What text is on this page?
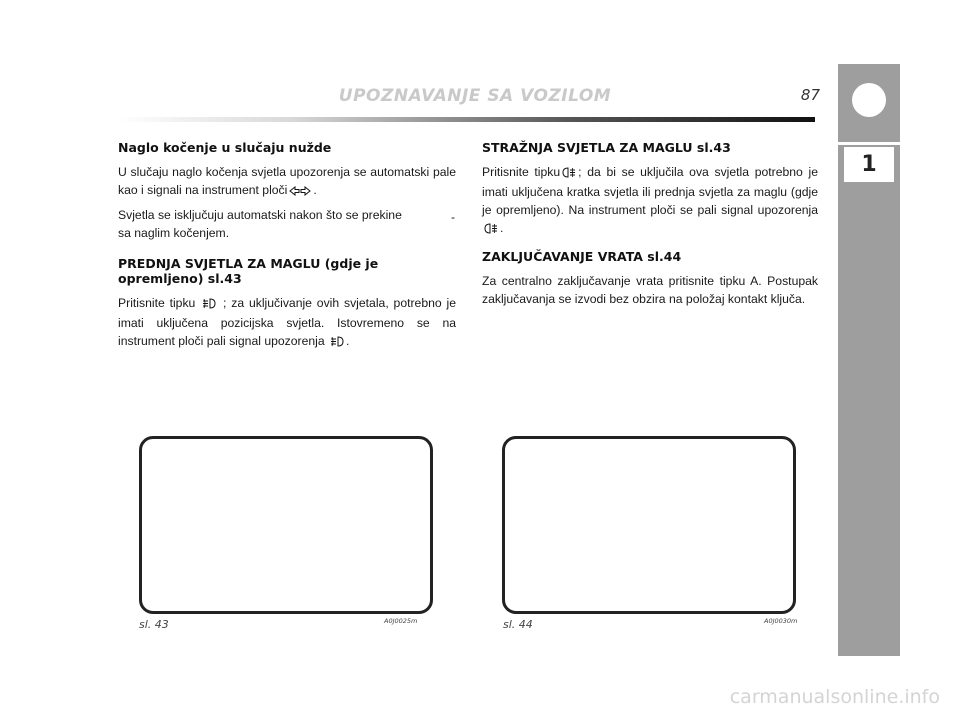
UPOZNAVANJE SA VOZILOM	87
1
Naglo kočenje u slučaju nužde

U slučaju naglo kočenja svjetla upozorenja se automatski pale kao i signali na instrument ploči .

Svjetla se isključuju automatski nakon što se prekine sa naglim kočenjem.

PREDNJA SVJETLA ZA MAGLU (gdje je opremljeno) sl.43

Pritisnite tipku ; za uključivanje ovih svjetala, potrebno je imati uključena pozicijska svjetla. Istovremeno se na instrument ploči pali signal upozorenja .

-
STRAŽNJA SVJETLA ZA MAGLU sl.43

Pritisnite tipku ; da bi se uključila ova svjetla potrebno je imati uključena kratka svjetla ili prednja svjetla za maglu (gdje je opremljeno). Na instrument ploči se pali signal upozorenja .

ZAKLJUČAVANJE VRATA sl.44

Za centralno zaključavanje vrata pritisnite tipku A. Postupak zaključavanja se izvodi bez obzira na položaj kontakt ključa.

sl. 43	A0J0025m	sl. 44	A0J0030m
carmanualsonline.info
